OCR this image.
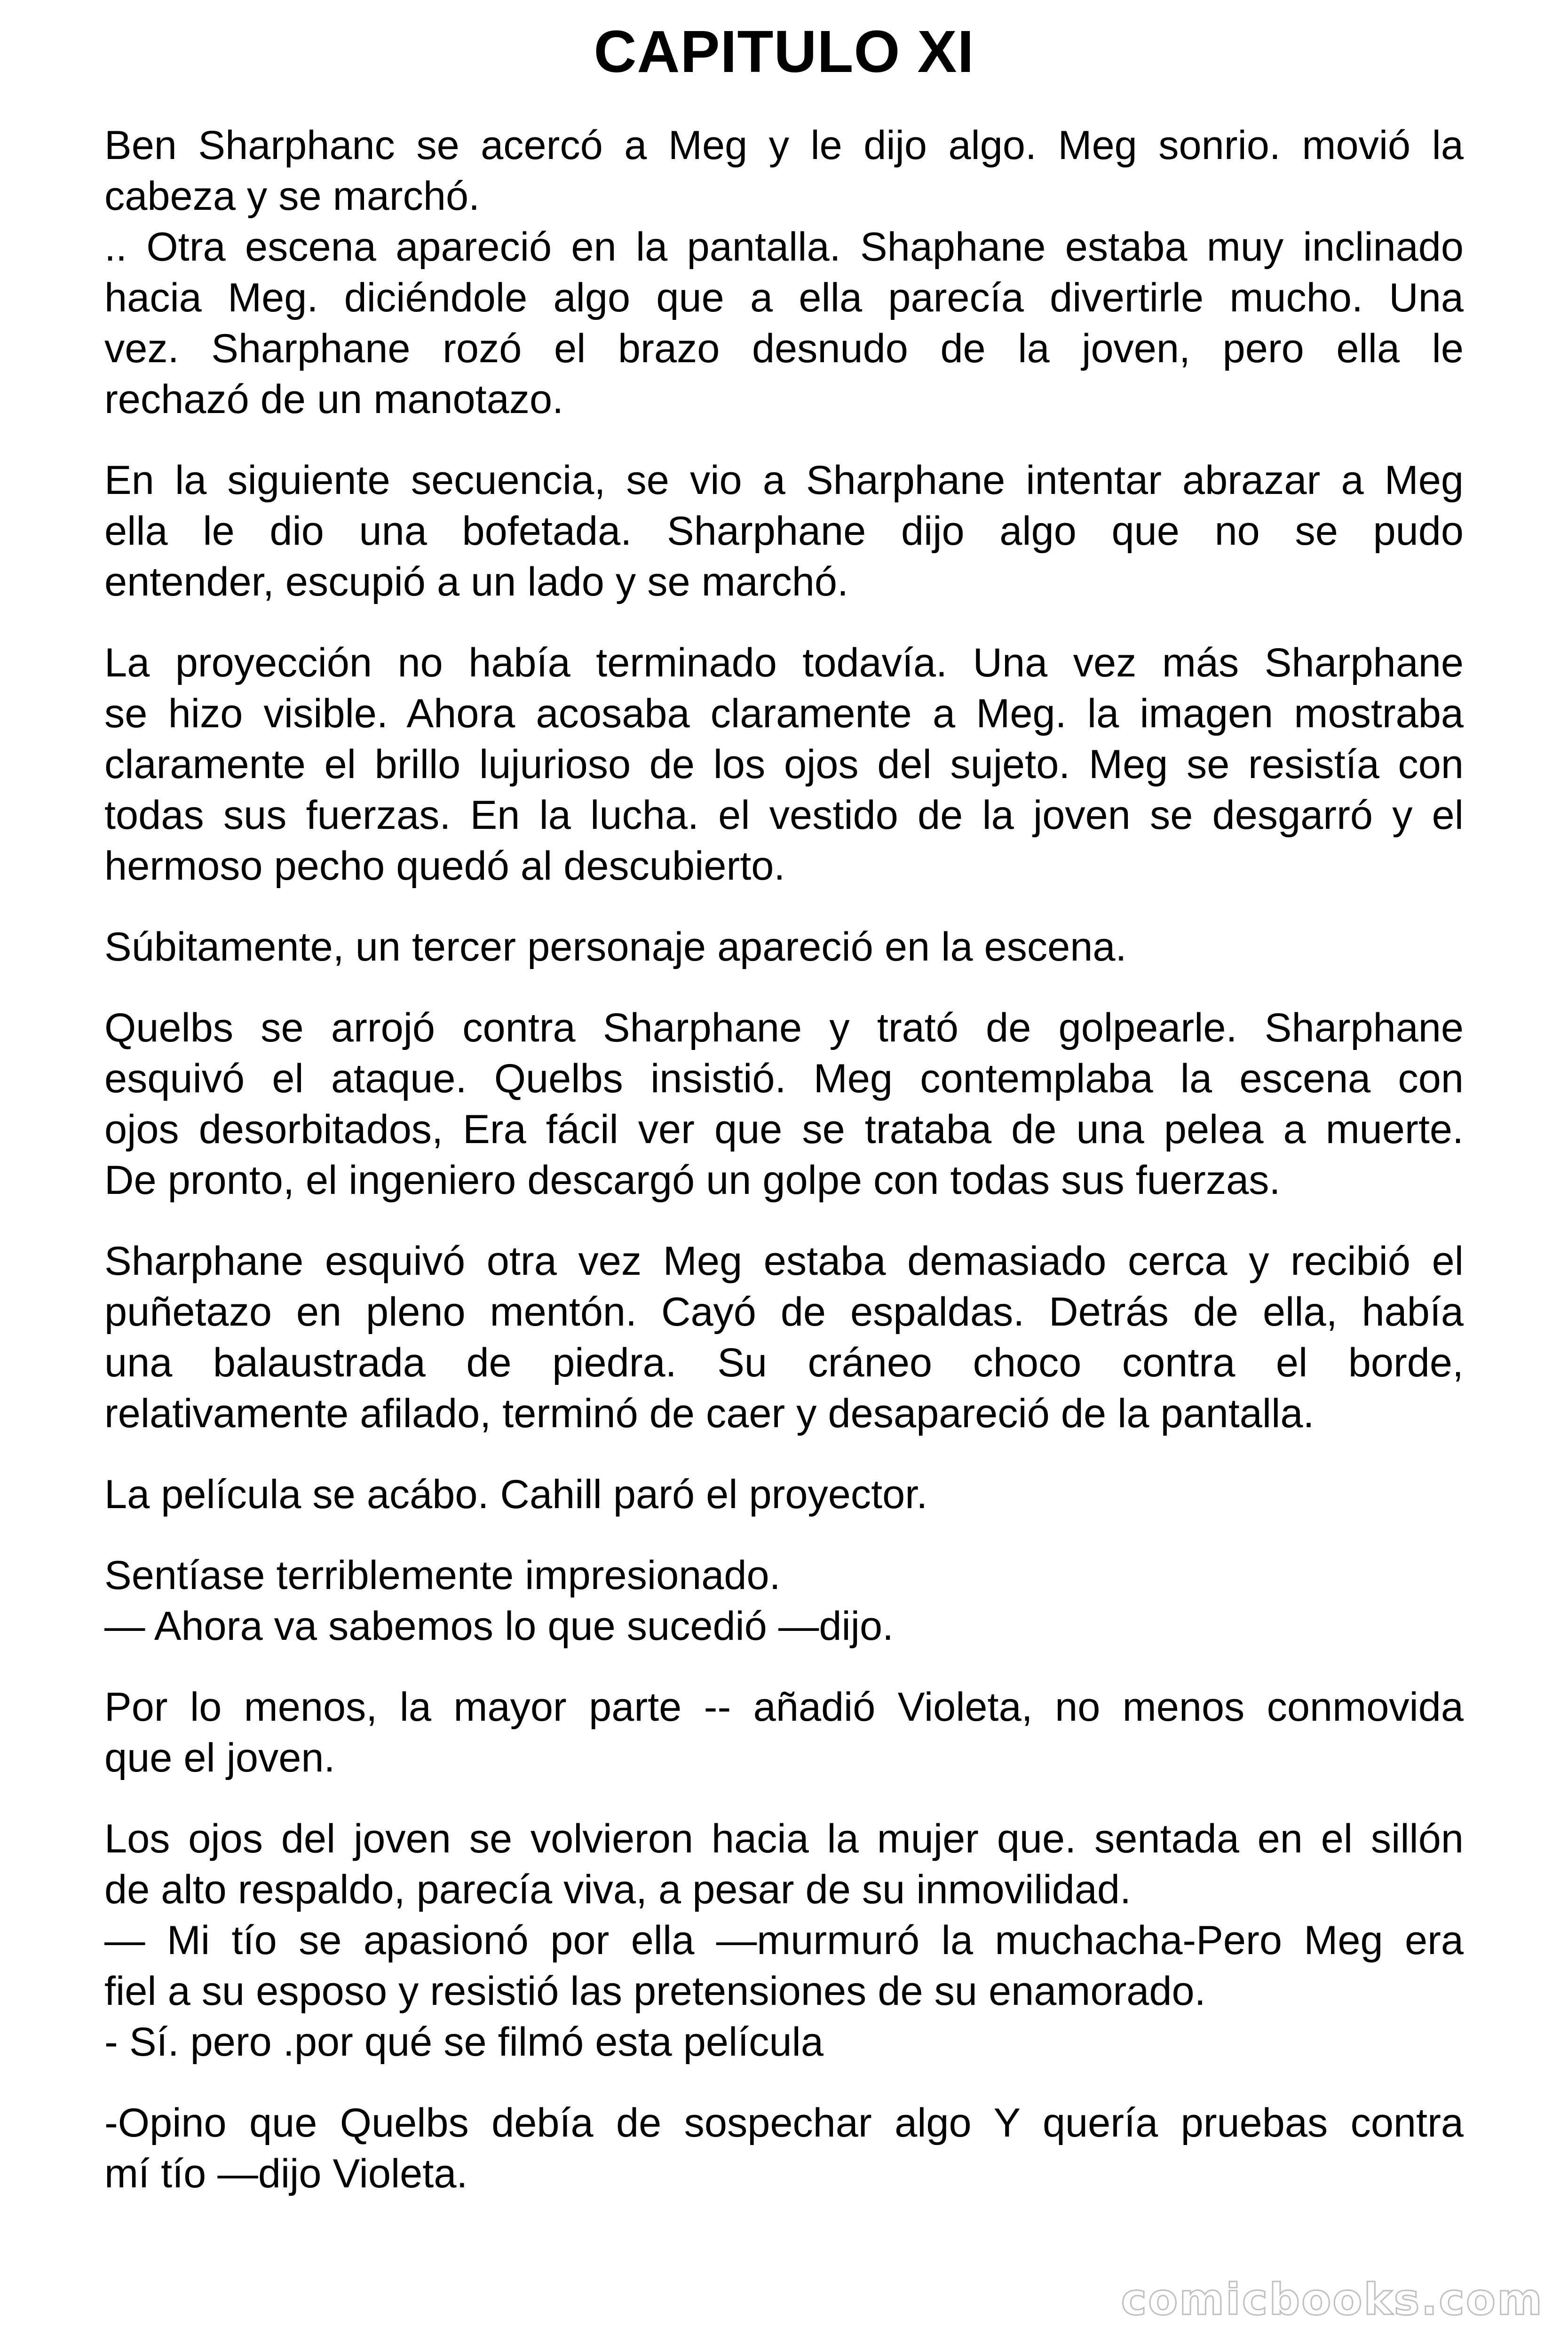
CAPITULO XI

Ben Sharphanc se acercó a Meg y le dijo algo. Meg sonrio. movió la
cabeza y se marchó.
.. Otra escena apareció en la pantalla. Shaphane estaba muy inclinado
hacia Meg. diciéndole algo que a ella parecía divertirle mucho. Una
vez. Sharphane rozó el brazo desnudo de la joven, pero ella le
rechazó de un manotazo.

En la siguiente secuencia, se vio a Sharphane intentar abrazar a Meg
ella le dio una bofetada. Sharphane dijo algo que no se pudo
entender, escupió a un lado y se marchó.

La proyección no había terminado todavía. Una vez más Sharphane
se hizo visible. Ahora acosaba claramente a Meg. la imagen mostraba
claramente el brillo lujurioso de los ojos del sujeto. Meg se resistía con
todas sus fuerzas. En la lucha. el vestido de la joven se desgarró y el
hermoso pecho quedó al descubierto.

Súbitamente, un tercer personaje apareció en la escena.

Quelbs se arrojó contra Sharphane y trató de golpearle. Sharphane
esquivó el ataque. Quelbs insistió. Meg contemplaba la escena con
ojos desorbitados, Era fácil ver que se trataba de una pelea a muerte.
De pronto, el ingeniero descargó un golpe con todas sus fuerzas.

Sharphane esquivó otra vez Meg estaba demasiado cerca y recibió el
puñetazo en pleno mentón. Cayó de espaldas. Detrás de ella, había
una balaustrada de piedra. Su cráneo choco contra el borde,
relativamente afilado, terminó de caer y desapareció de la pantalla.

La película se acábo. Cahill paró el proyector.

Sentíase terriblemente impresionado.
— Ahora va sabemos lo que sucedió —dijo.

Por lo menos, la mayor parte -- añadió Violeta, no menos conmovida
que el joven.

Los ojos del joven se volvieron hacia la mujer que. sentada en el sillón
de alto respaldo, parecía viva, a pesar de su inmovilidad.
— Mi tío se apasionó por ella —murmuró la muchacha-Pero Meg era
fiel a su esposo y resistió las pretensiones de su enamorado.
- Sí. pero .por qué se filmó esta película

-Opino que Quelbs debía de sospechar algo Y quería pruebas contra
mí tío —dijo Violeta.

comicbooks.com
